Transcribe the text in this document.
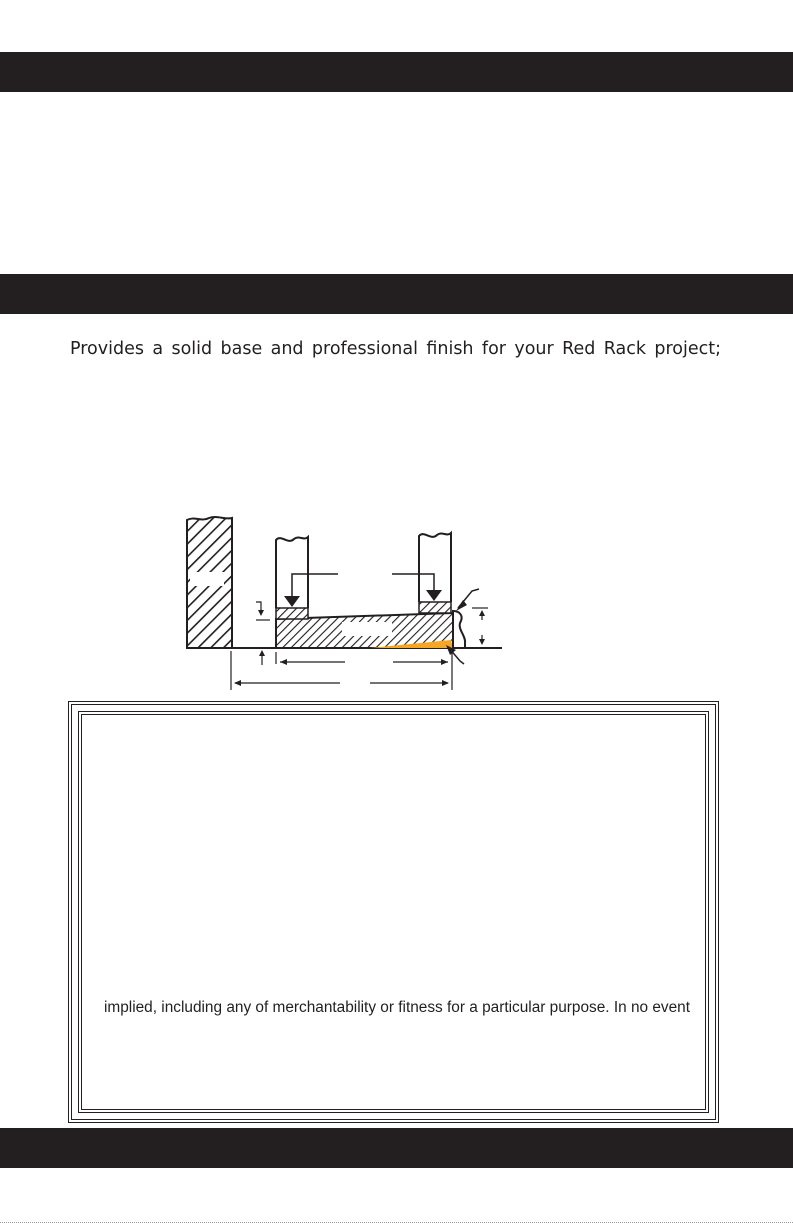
Provides a solid base and professional finish for your Red Rack project;

implied, including any of merchantability or fitness for a particular purpose. In no event
